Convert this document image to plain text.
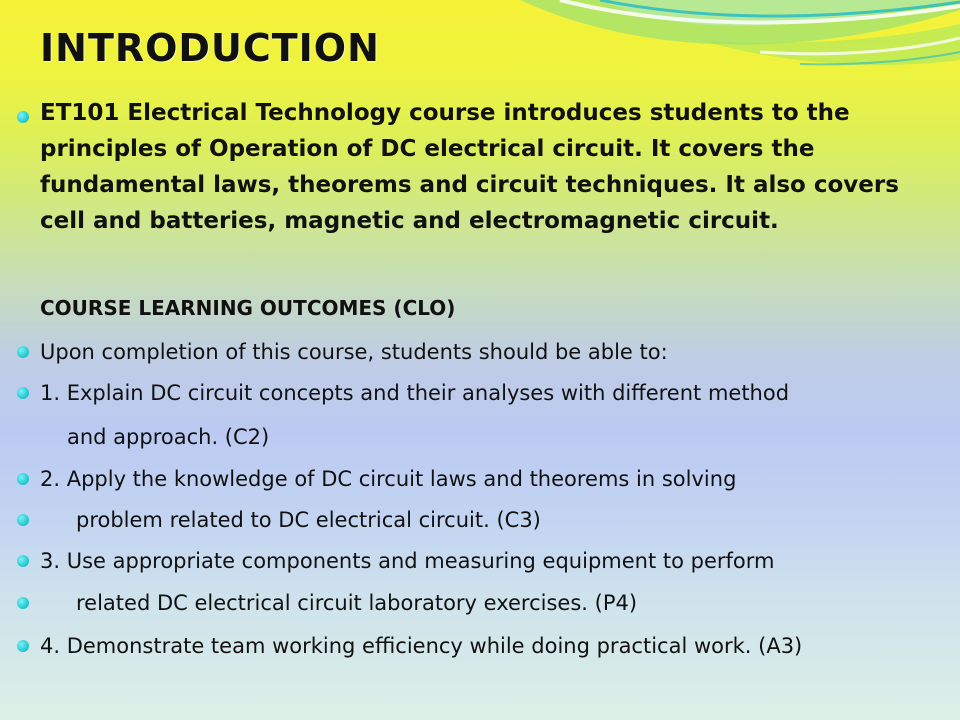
INTRODUCTION
ET101 Electrical Technology course introduces students to the
principles of Operation of DC electrical circuit. It covers the
fundamental laws, theorems and circuit techniques. It also covers
cell and batteries, magnetic and electromagnetic circuit.
COURSE LEARNING OUTCOMES (CLO)
Upon completion of this course, students should be able to:
1. Explain DC circuit concepts and their analyses with different method
and approach. (C2)
2. Apply the knowledge of DC circuit laws and theorems in solving
problem related to DC electrical circuit. (C3)
3. Use appropriate components and measuring equipment to perform
related DC electrical circuit laboratory exercises. (P4)
4. Demonstrate team working efficiency while doing practical work. (A3)
